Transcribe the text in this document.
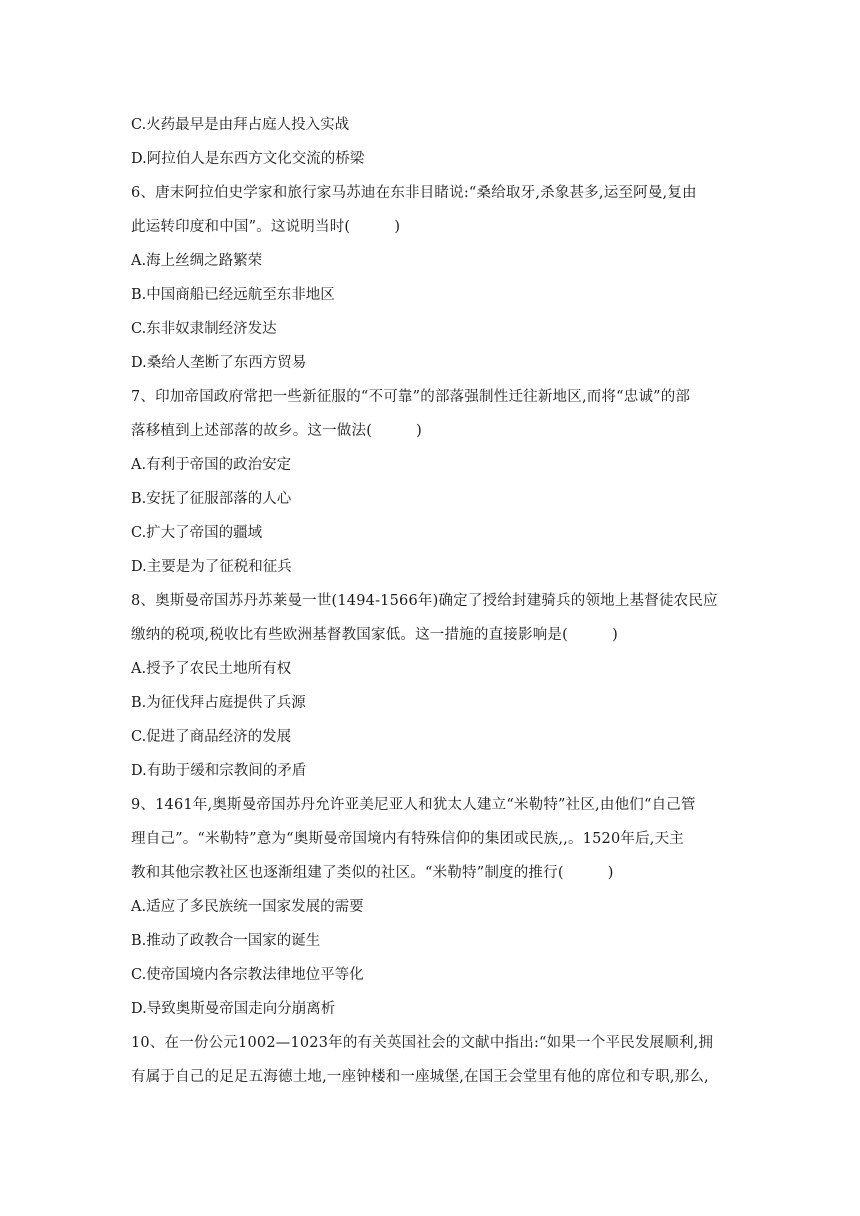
C.火药最早是由拜占庭人投入实战
D.阿拉伯人是东西方文化交流的桥梁
6、唐末阿拉伯史学家和旅行家马苏迪在东非目睹说:“桑给取牙,杀象甚多,运至阿曼,复由
此运转印度和中国”。这说明当时(　　　)
A.海上丝绸之路繁荣
B.中国商船已经远航至东非地区
C.东非奴隶制经济发达
D.桑给人垄断了东西方贸易
7、印加帝国政府常把一些新征服的“不可靠”的部落强制性迁往新地区,而将“忠诚”的部
落移植到上述部落的故乡。这一做法(　　　)
A.有利于帝国的政治安定
B.安抚了征服部落的人心
C.扩大了帝国的疆域
D.主要是为了征税和征兵
8、奥斯曼帝国苏丹苏莱曼一世(1494-1566年)确定了授给封建骑兵的领地上基督徒农民应
缴纳的税项,税收比有些欧洲基督教国家低。这一措施的直接影响是(　　　)
A.授予了农民土地所有权
B.为征伐拜占庭提供了兵源
C.促进了商品经济的发展
D.有助于缓和宗教间的矛盾
9、1461年,奥斯曼帝国苏丹允许亚美尼亚人和犹太人建立“米勒特”社区,由他们“自己管
理自己”。“米勒特”意为“奥斯曼帝国境内有特殊信仰的集团或民族,,。1520年后,天主
教和其他宗教社区也逐渐组建了类似的社区。“米勒特”制度的推行(　　　)
A.适应了多民族统一国家发展的需要
B.推动了政教合一国家的诞生
C.使帝国境内各宗教法律地位平等化
D.导致奥斯曼帝国走向分崩离析
10、在一份公元1002—1023年的有关英国社会的文献中指出:“如果一个平民发展顺利,拥
有属于自己的足足五海德土地,一座钟楼和一座城堡,在国王会堂里有他的席位和专职,那么,
